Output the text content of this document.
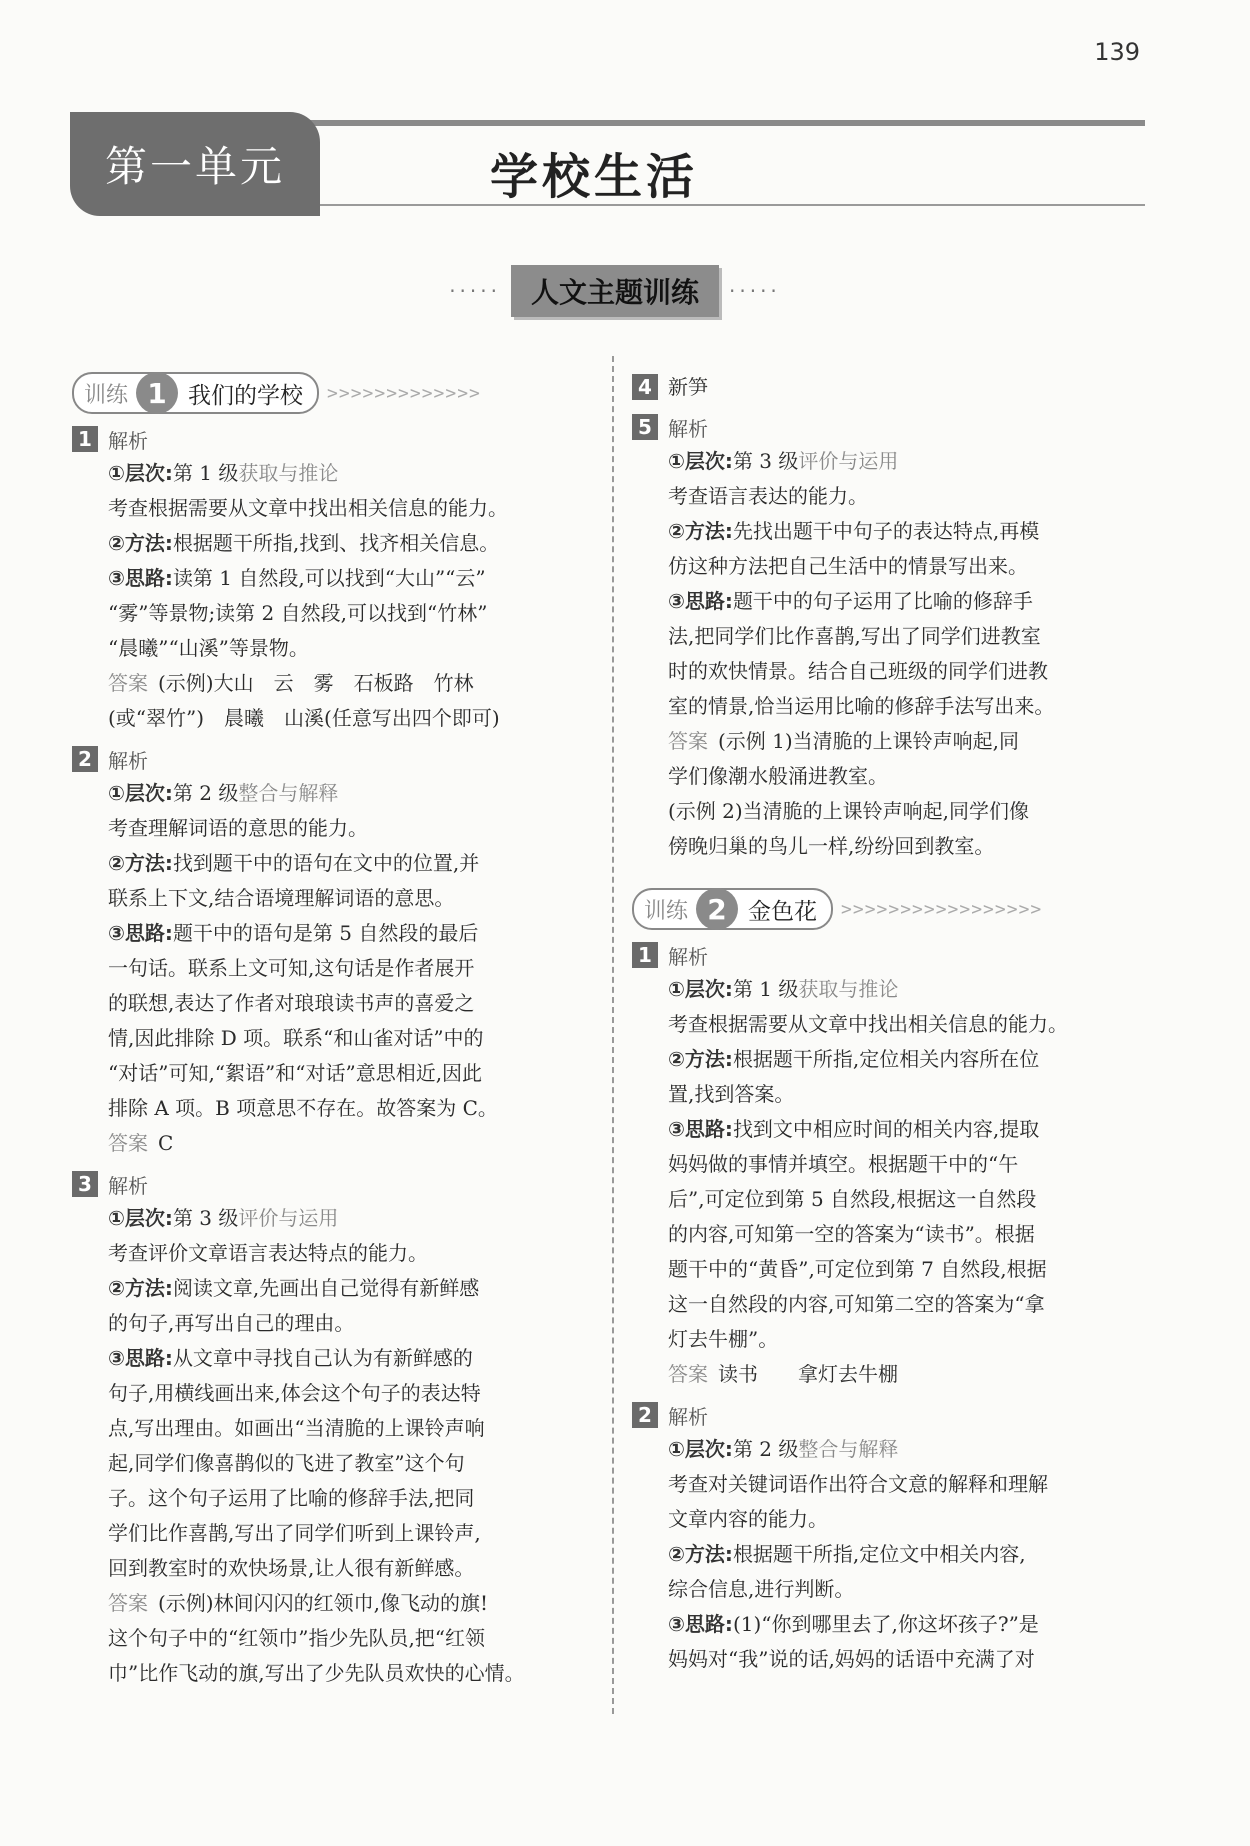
139
第一单元	学校生活
·····	人文主题训练	·····
训练 1 我们的学校 >>>>>>>>>>>>>
1 解析
①层次:第 1 级获取与推论
考查根据需要从文章中找出相关信息的能力。
②方法:根据题干所指,找到、找齐相关信息。
③思路:读第 1 自然段,可以找到“大山”“云”
“雾”等景物;读第 2 自然段,可以找到“竹林”
“晨曦”“山溪”等景物。
答案 (示例)大山　云　雾　石板路　竹林
(或“翠竹”)　晨曦　山溪(任意写出四个即可)
2 解析
①层次:第 2 级整合与解释
考查理解词语的意思的能力。
②方法:找到题干中的语句在文中的位置,并
联系上下文,结合语境理解词语的意思。
③思路:题干中的语句是第 5 自然段的最后
一句话。联系上文可知,这句话是作者展开
的联想,表达了作者对琅琅读书声的喜爱之
情,因此排除 D 项。联系“和山雀对话”中的
“对话”可知,“絮语”和“对话”意思相近,因此
排除 A 项。B 项意思不存在。故答案为 C。
答案 C
3 解析
①层次:第 3 级评价与运用
考查评价文章语言表达特点的能力。
②方法:阅读文章,先画出自己觉得有新鲜感
的句子,再写出自己的理由。
③思路:从文章中寻找自己认为有新鲜感的
句子,用横线画出来,体会这个句子的表达特
点,写出理由。如画出“当清脆的上课铃声响
起,同学们像喜鹊似的飞进了教室”这个句
子。这个句子运用了比喻的修辞手法,把同
学们比作喜鹊,写出了同学们听到上课铃声,
回到教室时的欢快场景,让人很有新鲜感。
答案 (示例)林间闪闪的红领巾,像飞动的旗!
这个句子中的“红领巾”指少先队员,把“红领
巾”比作飞动的旗,写出了少先队员欢快的心情。
4 新笋
5 解析
①层次:第 3 级评价与运用
考查语言表达的能力。
②方法:先找出题干中句子的表达特点,再模
仿这种方法把自己生活中的情景写出来。
③思路:题干中的句子运用了比喻的修辞手
法,把同学们比作喜鹊,写出了同学们进教室
时的欢快情景。结合自己班级的同学们进教
室的情景,恰当运用比喻的修辞手法写出来。
答案 (示例 1)当清脆的上课铃声响起,同
学们像潮水般涌进教室。
(示例 2)当清脆的上课铃声响起,同学们像
傍晚归巢的鸟儿一样,纷纷回到教室。
训练 2 金色花 >>>>>>>>>>>>>>>>>
1 解析
①层次:第 1 级获取与推论
考查根据需要从文章中找出相关信息的能力。
②方法:根据题干所指,定位相关内容所在位
置,找到答案。
③思路:找到文中相应时间的相关内容,提取
妈妈做的事情并填空。根据题干中的“午
后”,可定位到第 5 自然段,根据这一自然段
的内容,可知第一空的答案为“读书”。根据
题干中的“黄昏”,可定位到第 7 自然段,根据
这一自然段的内容,可知第二空的答案为“拿
灯去牛棚”。
答案 读书　　拿灯去牛棚
2 解析
①层次:第 2 级整合与解释
考查对关键词语作出符合文意的解释和理解
文章内容的能力。
②方法:根据题干所指,定位文中相关内容,
综合信息,进行判断。
③思路:(1)“你到哪里去了,你这坏孩子?”是
妈妈对“我”说的话,妈妈的话语中充满了对
